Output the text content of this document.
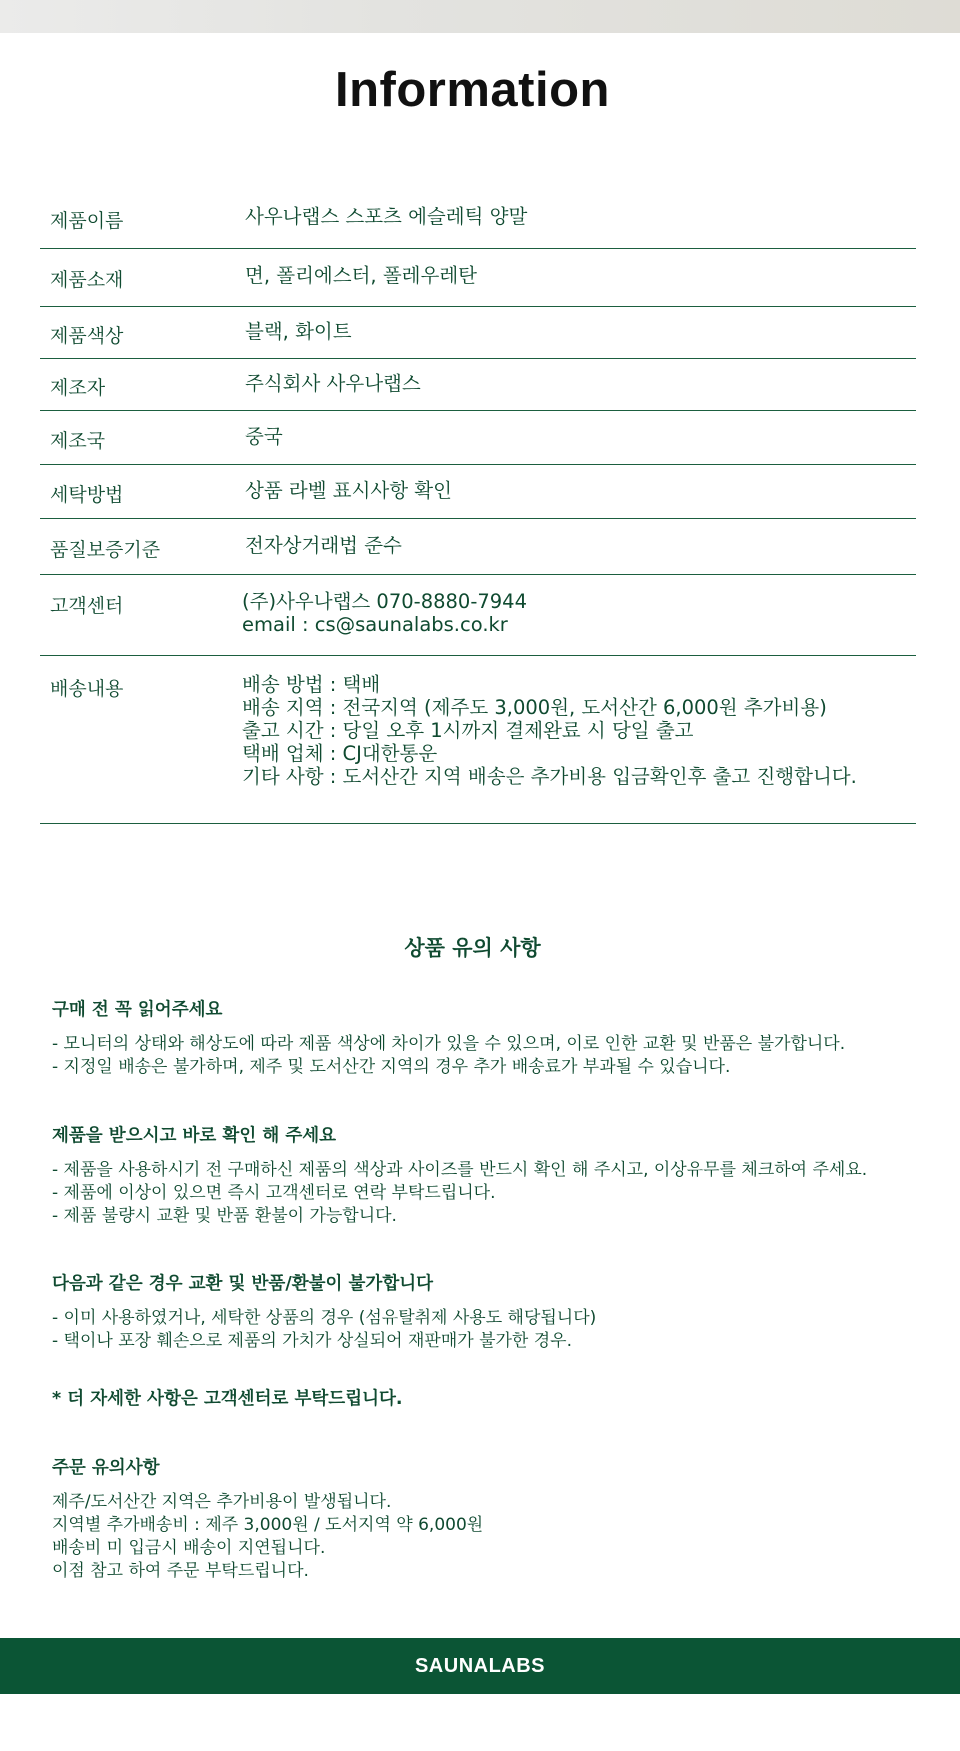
Information
제품이름	사우나랩스 스포츠 에슬레틱 양말
제품소재	면, 폴리에스터, 폴레우레탄
제품색상	블랙, 화이트
제조자	주식회사 사우나랩스
제조국	중국
세탁방법	상품 라벨 표시사항 확인
품질보증기준	전자상거래법 준수
고객센터	(주)사우나랩스 070-8880-7944
email : cs@saunalabs.co.kr
배송내용	배송 방법 : 택배
배송 지역 : 전국지역 (제주도 3,000원, 도서산간 6,000원 추가비용)
출고 시간 : 당일 오후 1시까지 결제완료 시 당일 출고
택배 업체 : CJ대한통운
기타 사항 : 도서산간 지역 배송은 추가비용 입금확인후 출고 진행합니다.
상품 유의 사항
구매 전 꼭 읽어주세요
- 모니터의 상태와 해상도에 따라 제품 색상에 차이가 있을 수 있으며, 이로 인한 교환 및 반품은 불가합니다.
- 지정일 배송은 불가하며, 제주 및 도서산간 지역의 경우 추가 배송료가 부과될 수 있습니다.
제품을 받으시고 바로 확인 해 주세요
- 제품을 사용하시기 전 구매하신 제품의 색상과 사이즈를 반드시 확인 해 주시고, 이상유무를 체크하여 주세요.
- 제품에 이상이 있으면 즉시 고객센터로 연락 부탁드립니다.
- 제품 불량시 교환 및 반품 환불이 가능합니다.
다음과 같은 경우 교환 및 반품/환불이 불가합니다
- 이미 사용하였거나, 세탁한 상품의 경우 (섬유탈취제 사용도 해당됩니다)
- 택이나 포장 훼손으로 제품의 가치가 상실되어 재판매가 불가한 경우.
* 더 자세한 사항은 고객센터로 부탁드립니다.
주문 유의사항
제주/도서산간 지역은 추가비용이 발생됩니다.
지역별 추가배송비 : 제주 3,000원 / 도서지역 약 6,000원
배송비 미 입금시 배송이 지연됩니다.
이점 참고 하여 주문 부탁드립니다.
SAUNALABS
